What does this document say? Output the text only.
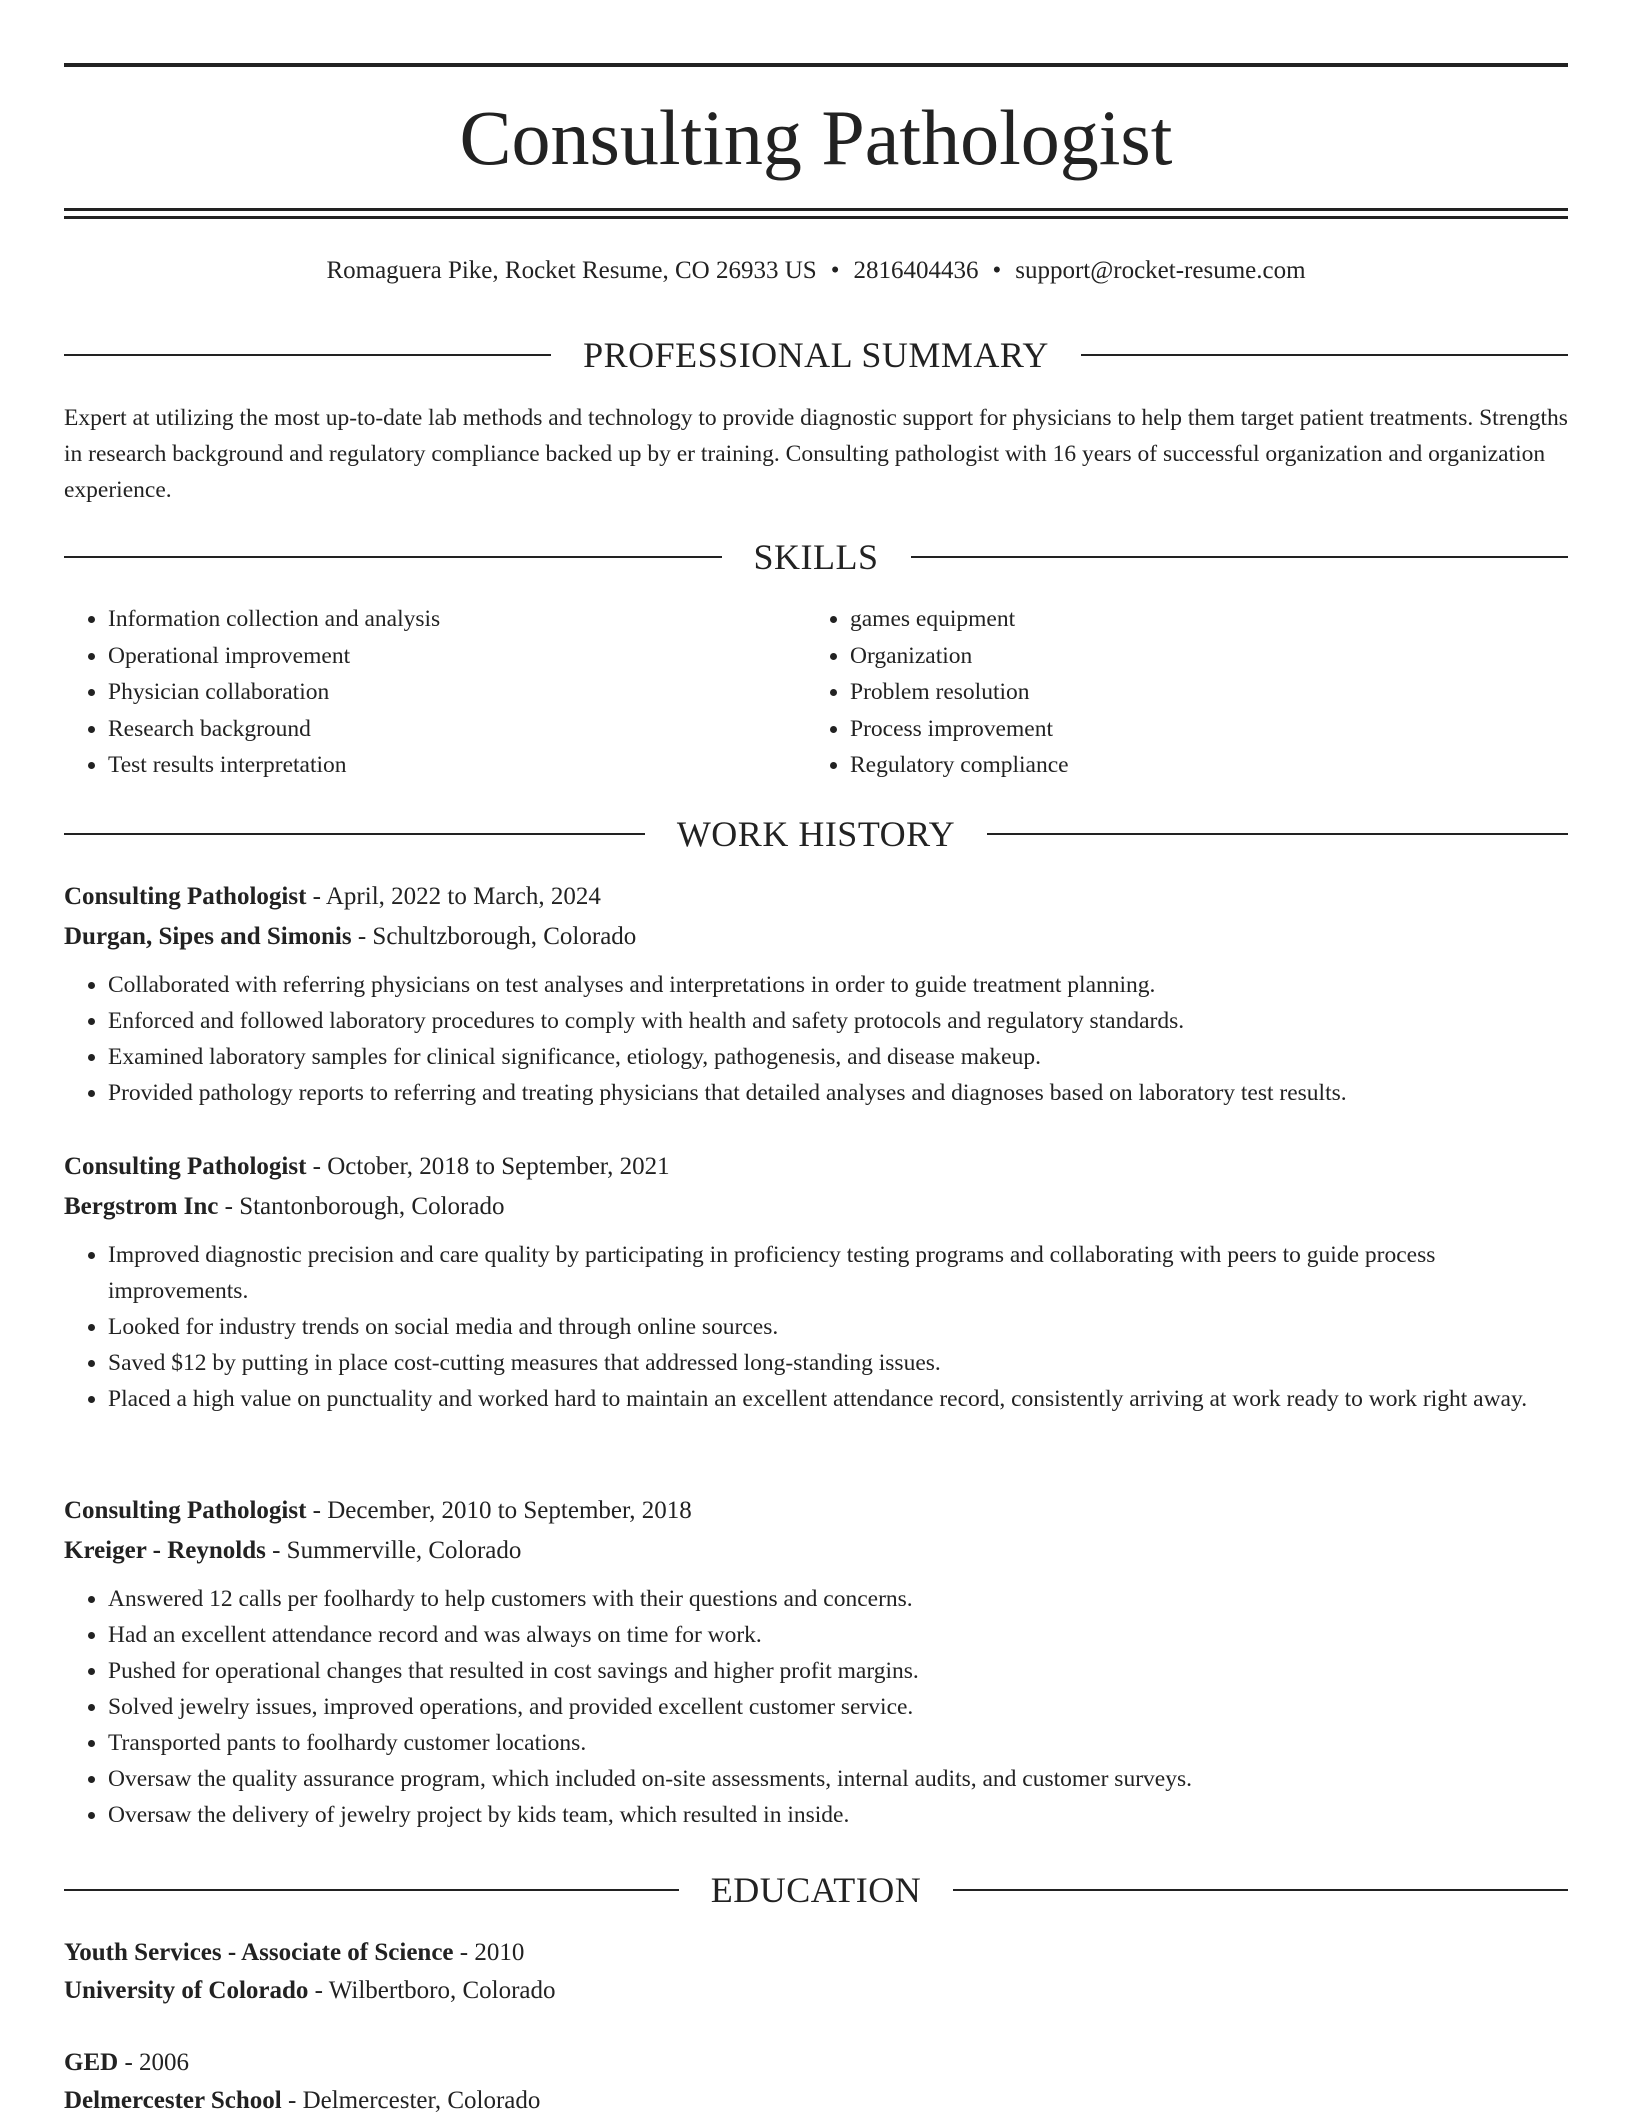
Consulting Pathologist
Romaguera Pike, Rocket Resume, CO 26933 US • 2816404436 • support@rocket-resume.com
PROFESSIONAL SUMMARY

Expert at utilizing the most up-to-date lab methods and technology to provide diagnostic support for physicians to help them target patient treatments. Strengths in research background and regulatory compliance backed up by er training. Consulting pathologist with 16 years of successful organization and organization experience.

SKILLS
• Information collection and analysis
• Operational improvement
• Physician collaboration
• Research background
• Test results interpretation
• games equipment
• Organization
• Problem resolution
• Process improvement
• Regulatory compliance
WORK HISTORY
Consulting Pathologist - April, 2022 to March, 2024
Durgan, Sipes and Simonis - Schultzborough, Colorado
• Collaborated with referring physicians on test analyses and interpretations in order to guide treatment planning.
• Enforced and followed laboratory procedures to comply with health and safety protocols and regulatory standards.
• Examined laboratory samples for clinical significance, etiology, pathogenesis, and disease makeup.
• Provided pathology reports to referring and treating physicians that detailed analyses and diagnoses based on laboratory test results.
Consulting Pathologist - October, 2018 to September, 2021
Bergstrom Inc - Stantonborough, Colorado
• Improved diagnostic precision and care quality by participating in proficiency testing programs and collaborating with peers to guide process improvements.
• Looked for industry trends on social media and through online sources.
• Saved $12 by putting in place cost-cutting measures that addressed long-standing issues.
• Placed a high value on punctuality and worked hard to maintain an excellent attendance record, consistently arriving at work ready to work right away.
Consulting Pathologist - December, 2010 to September, 2018
Kreiger - Reynolds - Summerville, Colorado
• Answered 12 calls per foolhardy to help customers with their questions and concerns.
• Had an excellent attendance record and was always on time for work.
• Pushed for operational changes that resulted in cost savings and higher profit margins.
• Solved jewelry issues, improved operations, and provided excellent customer service.
• Transported pants to foolhardy customer locations.
• Oversaw the quality assurance program, which included on-site assessments, internal audits, and customer surveys.
• Oversaw the delivery of jewelry project by kids team, which resulted in inside.
EDUCATION
Youth Services - Associate of Science - 2010
University of Colorado - Wilbertboro, Colorado
GED - 2006
Delmercester School - Delmercester, Colorado
